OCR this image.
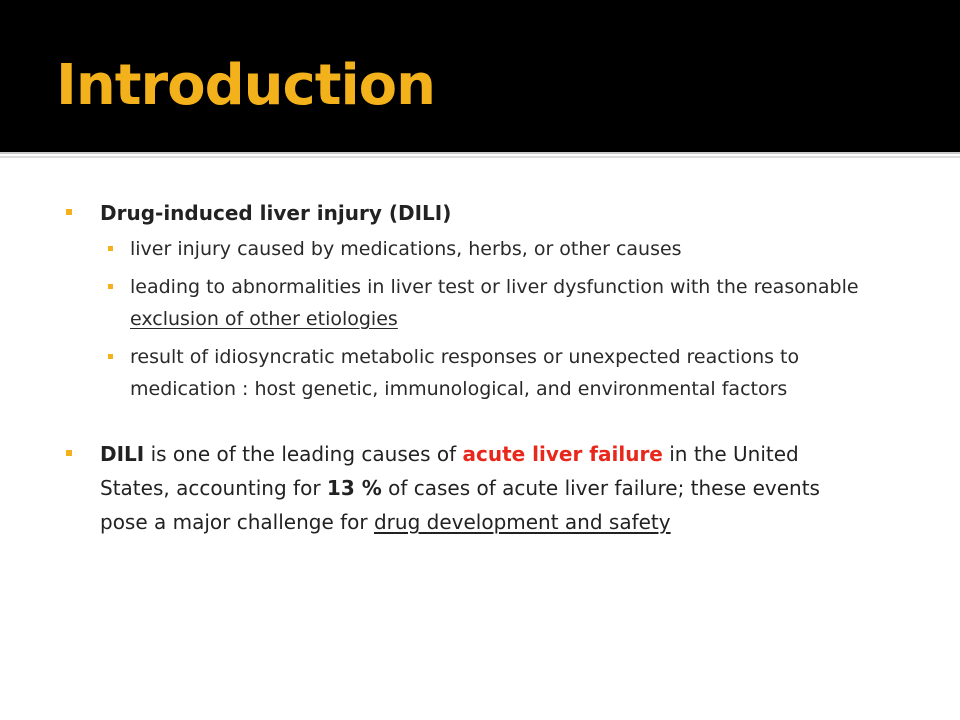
Introduction

Drug-induced liver injury (DILI)

liver injury caused by medications, herbs, or other causes

leading to abnormalities in liver test or liver dysfunction with the reasonable exclusion of other etiologies

result of idiosyncratic metabolic responses or unexpected reactions to medication : host genetic, immunological, and environmental factors

DILI is one of the leading causes of acute liver failure in the United States, accounting for 13 % of cases of acute liver failure; these events pose a major challenge for drug development and safety
